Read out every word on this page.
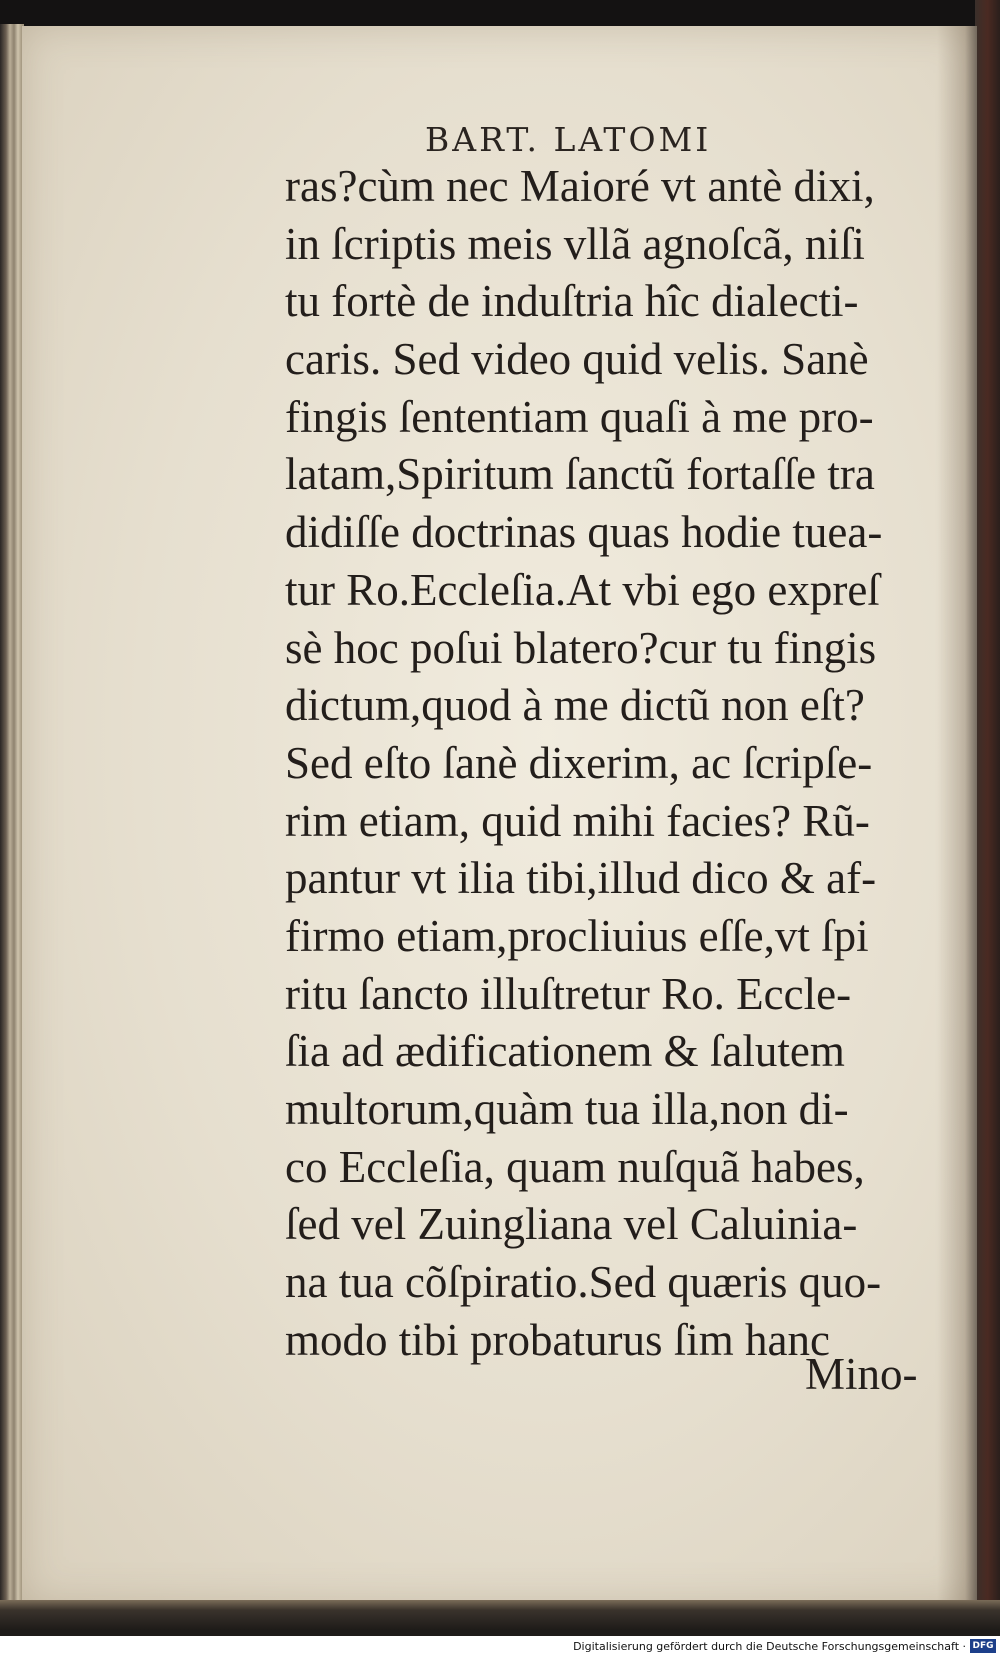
BART. LATOMI
ras?cùm nec Maioré vt antè dixi,
in ſcriptis meis vllã agnoſcã, niſi
tu fortè de induſtria hîc dialecti-
caris. Sed video quid velis. Sanè
fingis ſententiam quaſi à me pro-
latam,Spiritum ſanctũ fortaſſe tra
didiſſe doctrinas quas hodie tuea-
tur Ro.Eccleſia.At vbi ego expreſ
sè hoc poſui blatero?cur tu fingis
dictum,quod à me dictũ non eſt?
Sed eſto ſanè dixerim, ac ſcripſe-
rim etiam, quid mihi facies? Rũ-
pantur vt ilia tibi,illud dico & af-
firmo etiam,procliuius eſſe,vt ſpi
ritu ſancto illuſtretur Ro. Eccle-
ſia ad ædificationem & ſalutem
multorum,quàm tua illa,non di-
co Eccleſia, quam nuſquã habes,
ſed vel Zuingliana vel Caluinia-
na tua cõſpiratio.Sed quæris quo-
modo tibi probaturus ſim hanc
Mino-
Digitalisierung gefördert durch die Deutsche Forschungsgemeinschaft · DFG
